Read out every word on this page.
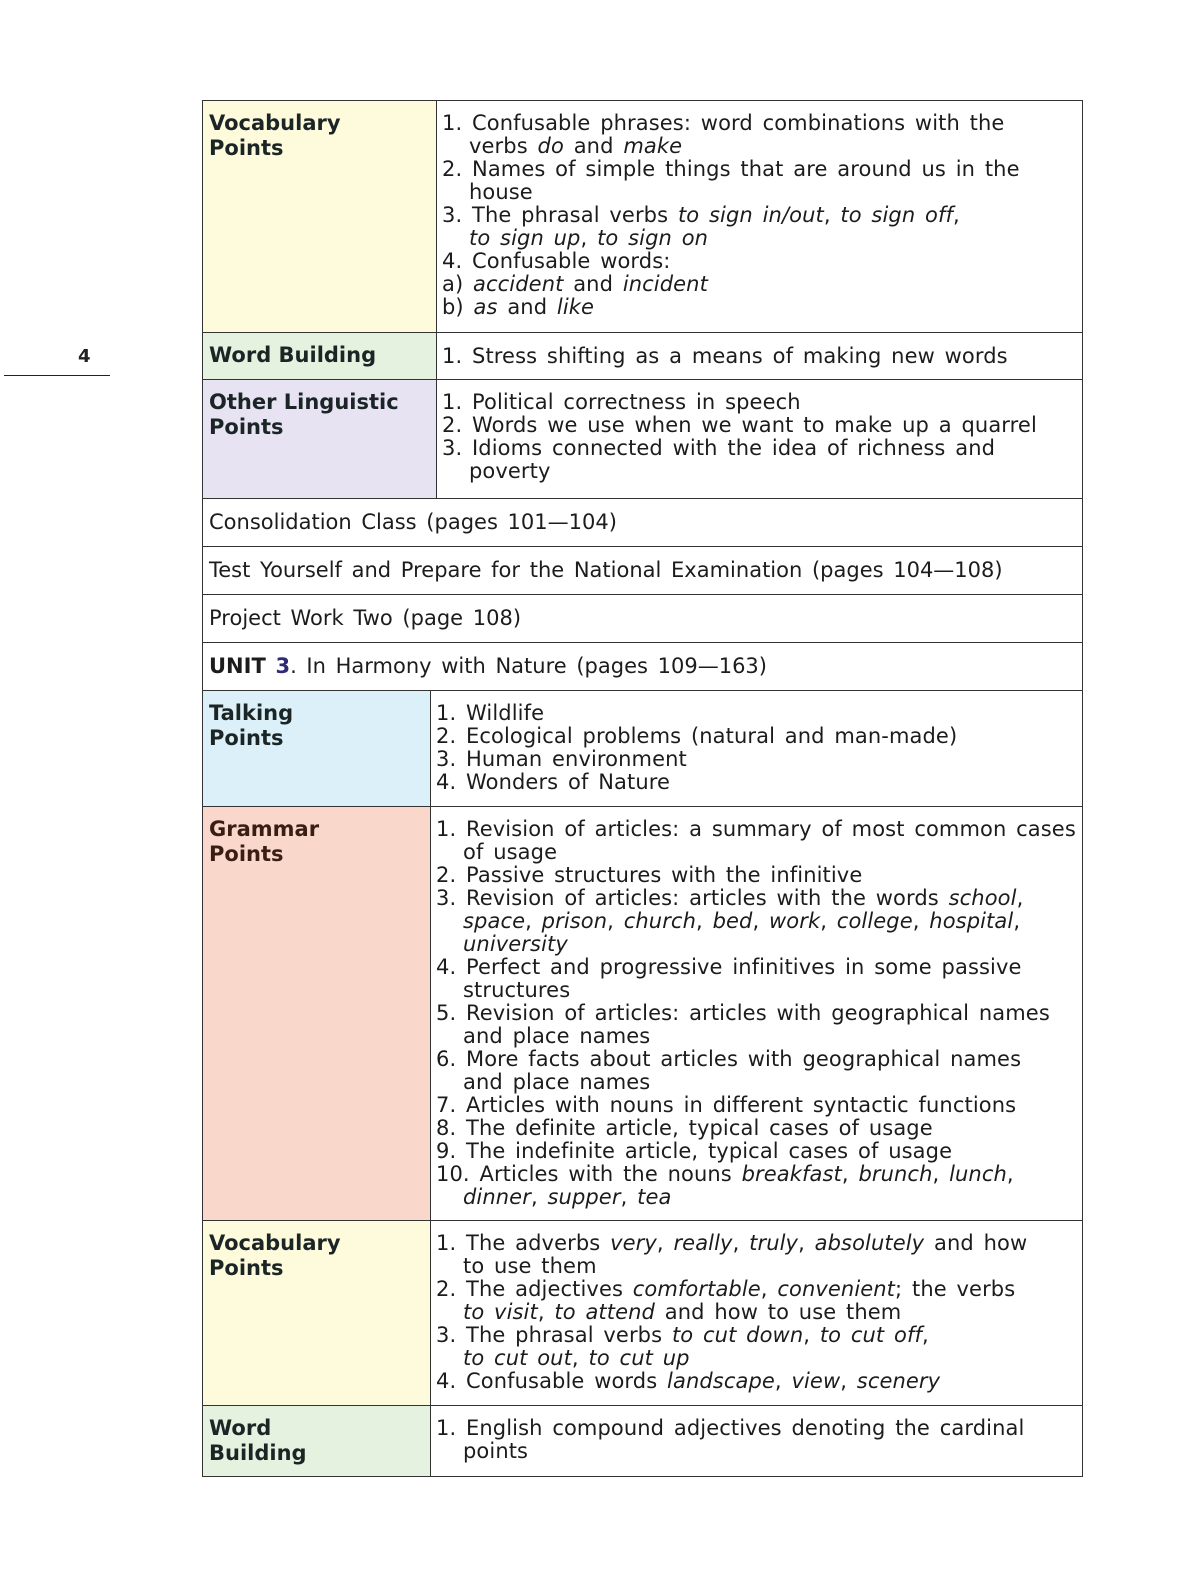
4
Vocabulary
Points
1. Confusable phrases: word combinations with the
verbs do and make
2. Names of simple things that are around us in the
house
3. The phrasal verbs to sign in/out, to sign off,
to sign up, to sign on
4. Confusable words:
a) accident and incident
b) as and like
Word Building	1. Stress shifting as a means of making new words
Other Linguistic
Points
1. Political correctness in speech
2. Words we use when we want to make up a quarrel
3. Idioms connected with the idea of richness and
poverty
Consolidation Class (pages 101—104)
Test Yourself and Prepare for the National Examination (pages 104—108)
Project Work Two (page 108)
UNIT 3. In Harmony with Nature (pages 109—163)
Talking
Points
1. Wildlife
2. Ecological problems (natural and man-made)
3. Human environment
4. Wonders of Nature
Grammar
Points
1. Revision of articles: a summary of most common cases
of usage
2. Passive structures with the infinitive
3. Revision of articles: articles with the words school,
space, prison, church, bed, work, college, hospital,
university
4. Perfect and progressive infinitives in some passive
structures
5. Revision of articles: articles with geographical names
and place names
6. More facts about articles with geographical names
and place names
7. Articles with nouns in different syntactic functions
8. The definite article, typical cases of usage
9. The indefinite article, typical cases of usage
10. Articles with the nouns breakfast, brunch, lunch,
dinner, supper, tea
Vocabulary
Points
1. The adverbs very, really, truly, absolutely and how
to use them
2. The adjectives comfortable, convenient; the verbs
to visit, to attend and how to use them
3. The phrasal verbs to cut down, to cut off,
to cut out, to cut up
4. Confusable words landscape, view, scenery
Word
Building
1. English compound adjectives denoting the cardinal
points
